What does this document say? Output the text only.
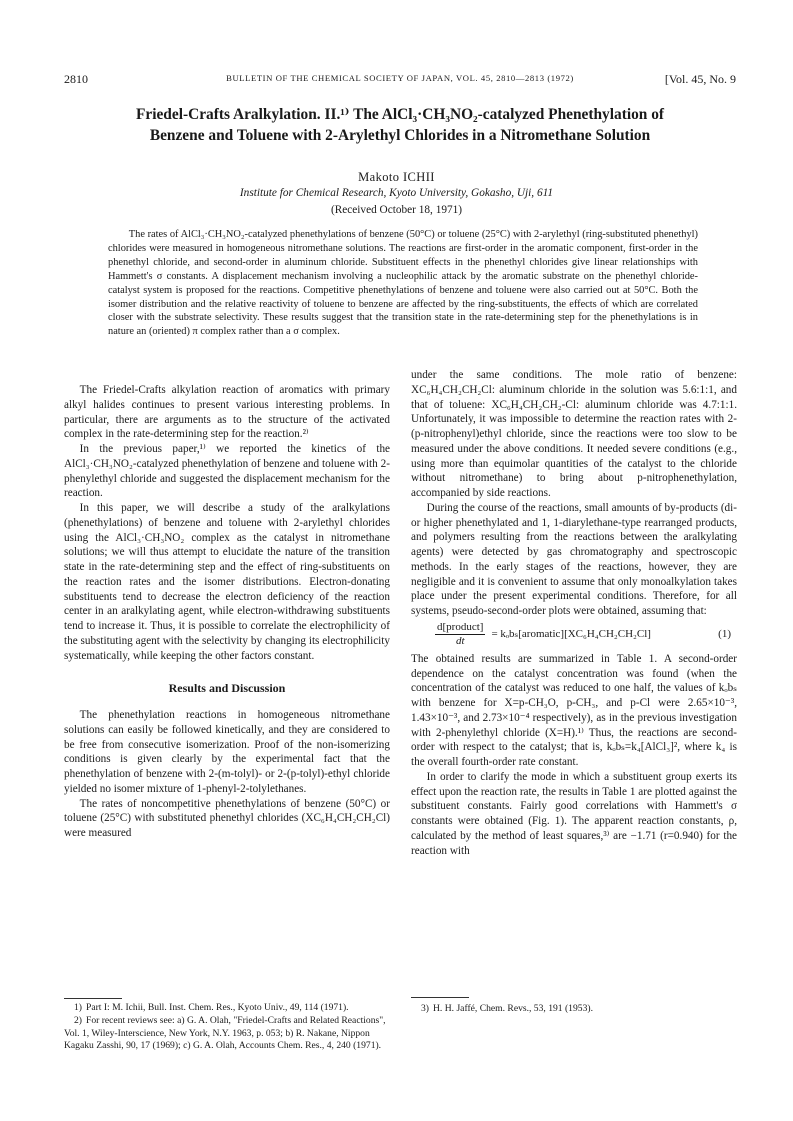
2810	BULLETIN OF THE CHEMICAL SOCIETY OF JAPAN, VOL. 45, 2810—2813 (1972)	[Vol. 45, No. 9
Friedel-Crafts Aralkylation. II.¹⁾ The AlCl₃·CH₃NO₂-catalyzed Phenethylation of Benzene and Toluene with 2-Arylethyl Chlorides in a Nitromethane Solution
Makoto ICHII
Institute for Chemical Research, Kyoto University, Gokasho, Uji, 611
(Received October 18, 1971)

The rates of AlCl₃·CH₃NO₂-catalyzed phenethylations of benzene (50°C) or toluene (25°C) with 2-arylethyl (ring-substituted phenethyl) chlorides were measured in homogeneous nitromethane solutions. The reactions are first-order in the aromatic component, first-order in the phenethyl chloride, and second-order in aluminum chloride. Substituent effects in the phenethyl chlorides give linear relationships with Hammett's σ constants. A displacement mechanism involving a nucleophilic attack by the aromatic substrate on the phenethyl chloride-catalyst system is proposed for the reactions. Competitive phenethylations of benzene and toluene were also carried out at 50°C. Both the isomer distribution and the relative reactivity of toluene to benzene are affected by the ring-substituents, the effects of which are correlated closer with the substrate selectivity. These results suggest that the transition state in the rate-determining step for the phenethylations is in nature an (oriented) π complex rather than a σ complex.

The Friedel-Crafts alkylation reaction of aromatics with primary alkyl halides continues to present various interesting problems. In particular, there are arguments as to the structure of the activated complex in the rate-determining step for the reaction.²⁾

In the previous paper,¹⁾ we reported the kinetics of the AlCl₃·CH₃NO₂-catalyzed phenethylation of benzene and toluene with 2-phenylethyl chloride and suggested the displacement mechanism for the reaction.

In this paper, we will describe a study of the aralkylations (phenethylations) of benzene and toluene with 2-arylethyl chlorides using the AlCl₃·CH₃NO₂ complex as the catalyst in nitromethane solutions; we will thus attempt to elucidate the nature of the transition state in the rate-determining step and the effect of ring-substituents on the reaction rates and the isomer distributions. Electron-donating substituents tend to decrease the electron deficiency of the reaction center in an aralkylating agent, while electron-withdrawing substituents tend to increase it. Thus, it is possible to correlate the electrophilicity of the substituting agent with the selectivity by changing its electrophilicity systematically, while keeping the other factors constant.

Results and Discussion

The phenethylation reactions in homogeneous nitromethane solutions can easily be followed kinetically, and they are considered to be free from consecutive isomerization. Proof of the non-isomerizing conditions is given clearly by the experimental fact that the phenethylation of benzene with 2-(m-tolyl)- or 2-(p-tolyl)-ethyl chloride yielded no isomer mixture of 1-phenyl-2-tolylethanes.

The rates of noncompetitive phenethylations of benzene (50°C) or toluene (25°C) with substituted phenethyl chlorides (XC₆H₄CH₂CH₂Cl) were measured

1) Part I: M. Ichii, Bull. Inst. Chem. Res., Kyoto Univ., 49, 114 (1971).

2) For recent reviews see: a) G. A. Olah, "Friedel-Crafts and Related Reactions", Vol. 1, Wiley-Interscience, New York, N.Y. 1963, p. 053; b) R. Nakane, Nippon Kagaku Zasshi, 90, 17 (1969); c) G. A. Olah, Accounts Chem. Res., 4, 240 (1971).

under the same conditions. The mole ratio of benzene: XC₆H₄CH₂CH₂Cl: aluminum chloride in the solution was 5.6:1:1, and that of toluene: XC₆H₄CH₂CH₂-Cl: aluminum chloride was 4.7:1:1. Unfortunately, it was impossible to determine the reaction rates with 2-(p-nitrophenyl)ethyl chloride, since the reactions were too slow to be measured under the above conditions. It needed severe conditions (e.g., using more than equimolar quantities of the catalyst to the chloride without nitromethane) to bring about p-nitrophenethylation, accompanied by side reactions.

During the course of the reactions, small amounts of by-products (di- or higher phenethylated and 1, 1-diarylethane-type rearranged products, and polymers resulting from the reactions between the aralkylating agents) were detected by gas chromatography and spectroscopic methods. In the early stages of the reactions, however, they are negligible and it is convenient to assume that only monoalkylation takes place under the present experimental conditions. Therefore, for all systems, pseudo-second-order plots were obtained, assuming that:

$\frac{\text{d[product]}}{dt}$ = kₒbₛ[aromatic][XC₆H₄CH₂CH₂Cl]	(1)

The obtained results are summarized in Table 1. A second-order dependence on the catalyst concentration was found (when the concentration of the catalyst was reduced to one half, the values of kₒbₛ with benzene for X=p-CH₃O, p-CH₃, and p-Cl were 2.65×10⁻³, 1.43×10⁻³, and 2.73×10⁻⁴ respectively), as in the previous investigation with 2-phenylethyl chloride (X=H).¹⁾ Thus, the reactions are second-order with respect to the catalyst; that is, kₒbₛ=k₄[AlCl₃]², where k₄ is the overall fourth-order rate constant.

In order to clarify the mode in which a substituent group exerts its effect upon the reaction rate, the results in Table 1 are plotted against the substituent constants. Fairly good correlations with Hammett's σ constants were obtained (Fig. 1). The apparent reaction constants, ρ, calculated by the method of least squares,³⁾ are −1.71 (r=0.940) for the reaction with

3) H. H. Jaffé, Chem. Revs., 53, 191 (1953).
